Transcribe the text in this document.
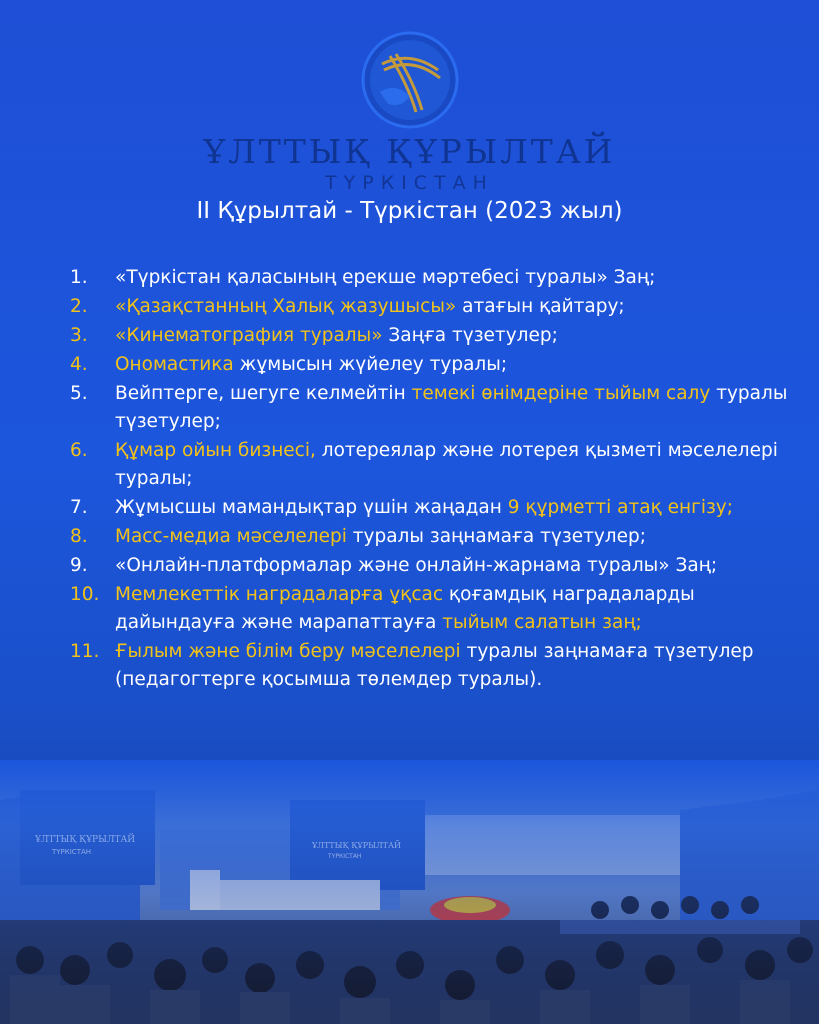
ҰЛТТЫҚ ҚҰРЫЛТАЙ
ТҮРКІСТАН
ІІ Құрылтай - Түркістан (2023 жыл)
1.	«Түркістан қаласының ерекше мәртебесі туралы» Заң;
2.	«Қазақстанның Халық жазушысы» атағын қайтару;
3.	«Кинематография туралы» Заңға түзетулер;
4.	Ономастика жұмысын жүйелеу туралы;
5.	Вейптерге, шегуге келмейтін темекі өнімдеріне тыйым салу туралы түзетулер;
6.	Құмар ойын бизнесі, лотереялар және лотерея қызметі мәселелері туралы;
7.	Жұмысшы мамандықтар үшін жаңадан 9 құрметті атақ енгізу;
8.	Масс-медиа мәселелері туралы заңнамаға түзетулер;
9.	«Онлайн-платформалар және онлайн-жарнама туралы» Заң;
10. Мемлекеттік наградаларға ұқсас қоғамдық наградаларды дайындауға және марапаттауға тыйым салатын заң;
11. Ғылым және білім беру мәселелері туралы заңнамаға түзетулер (педагогтерге қосымша төлемдер туралы).
